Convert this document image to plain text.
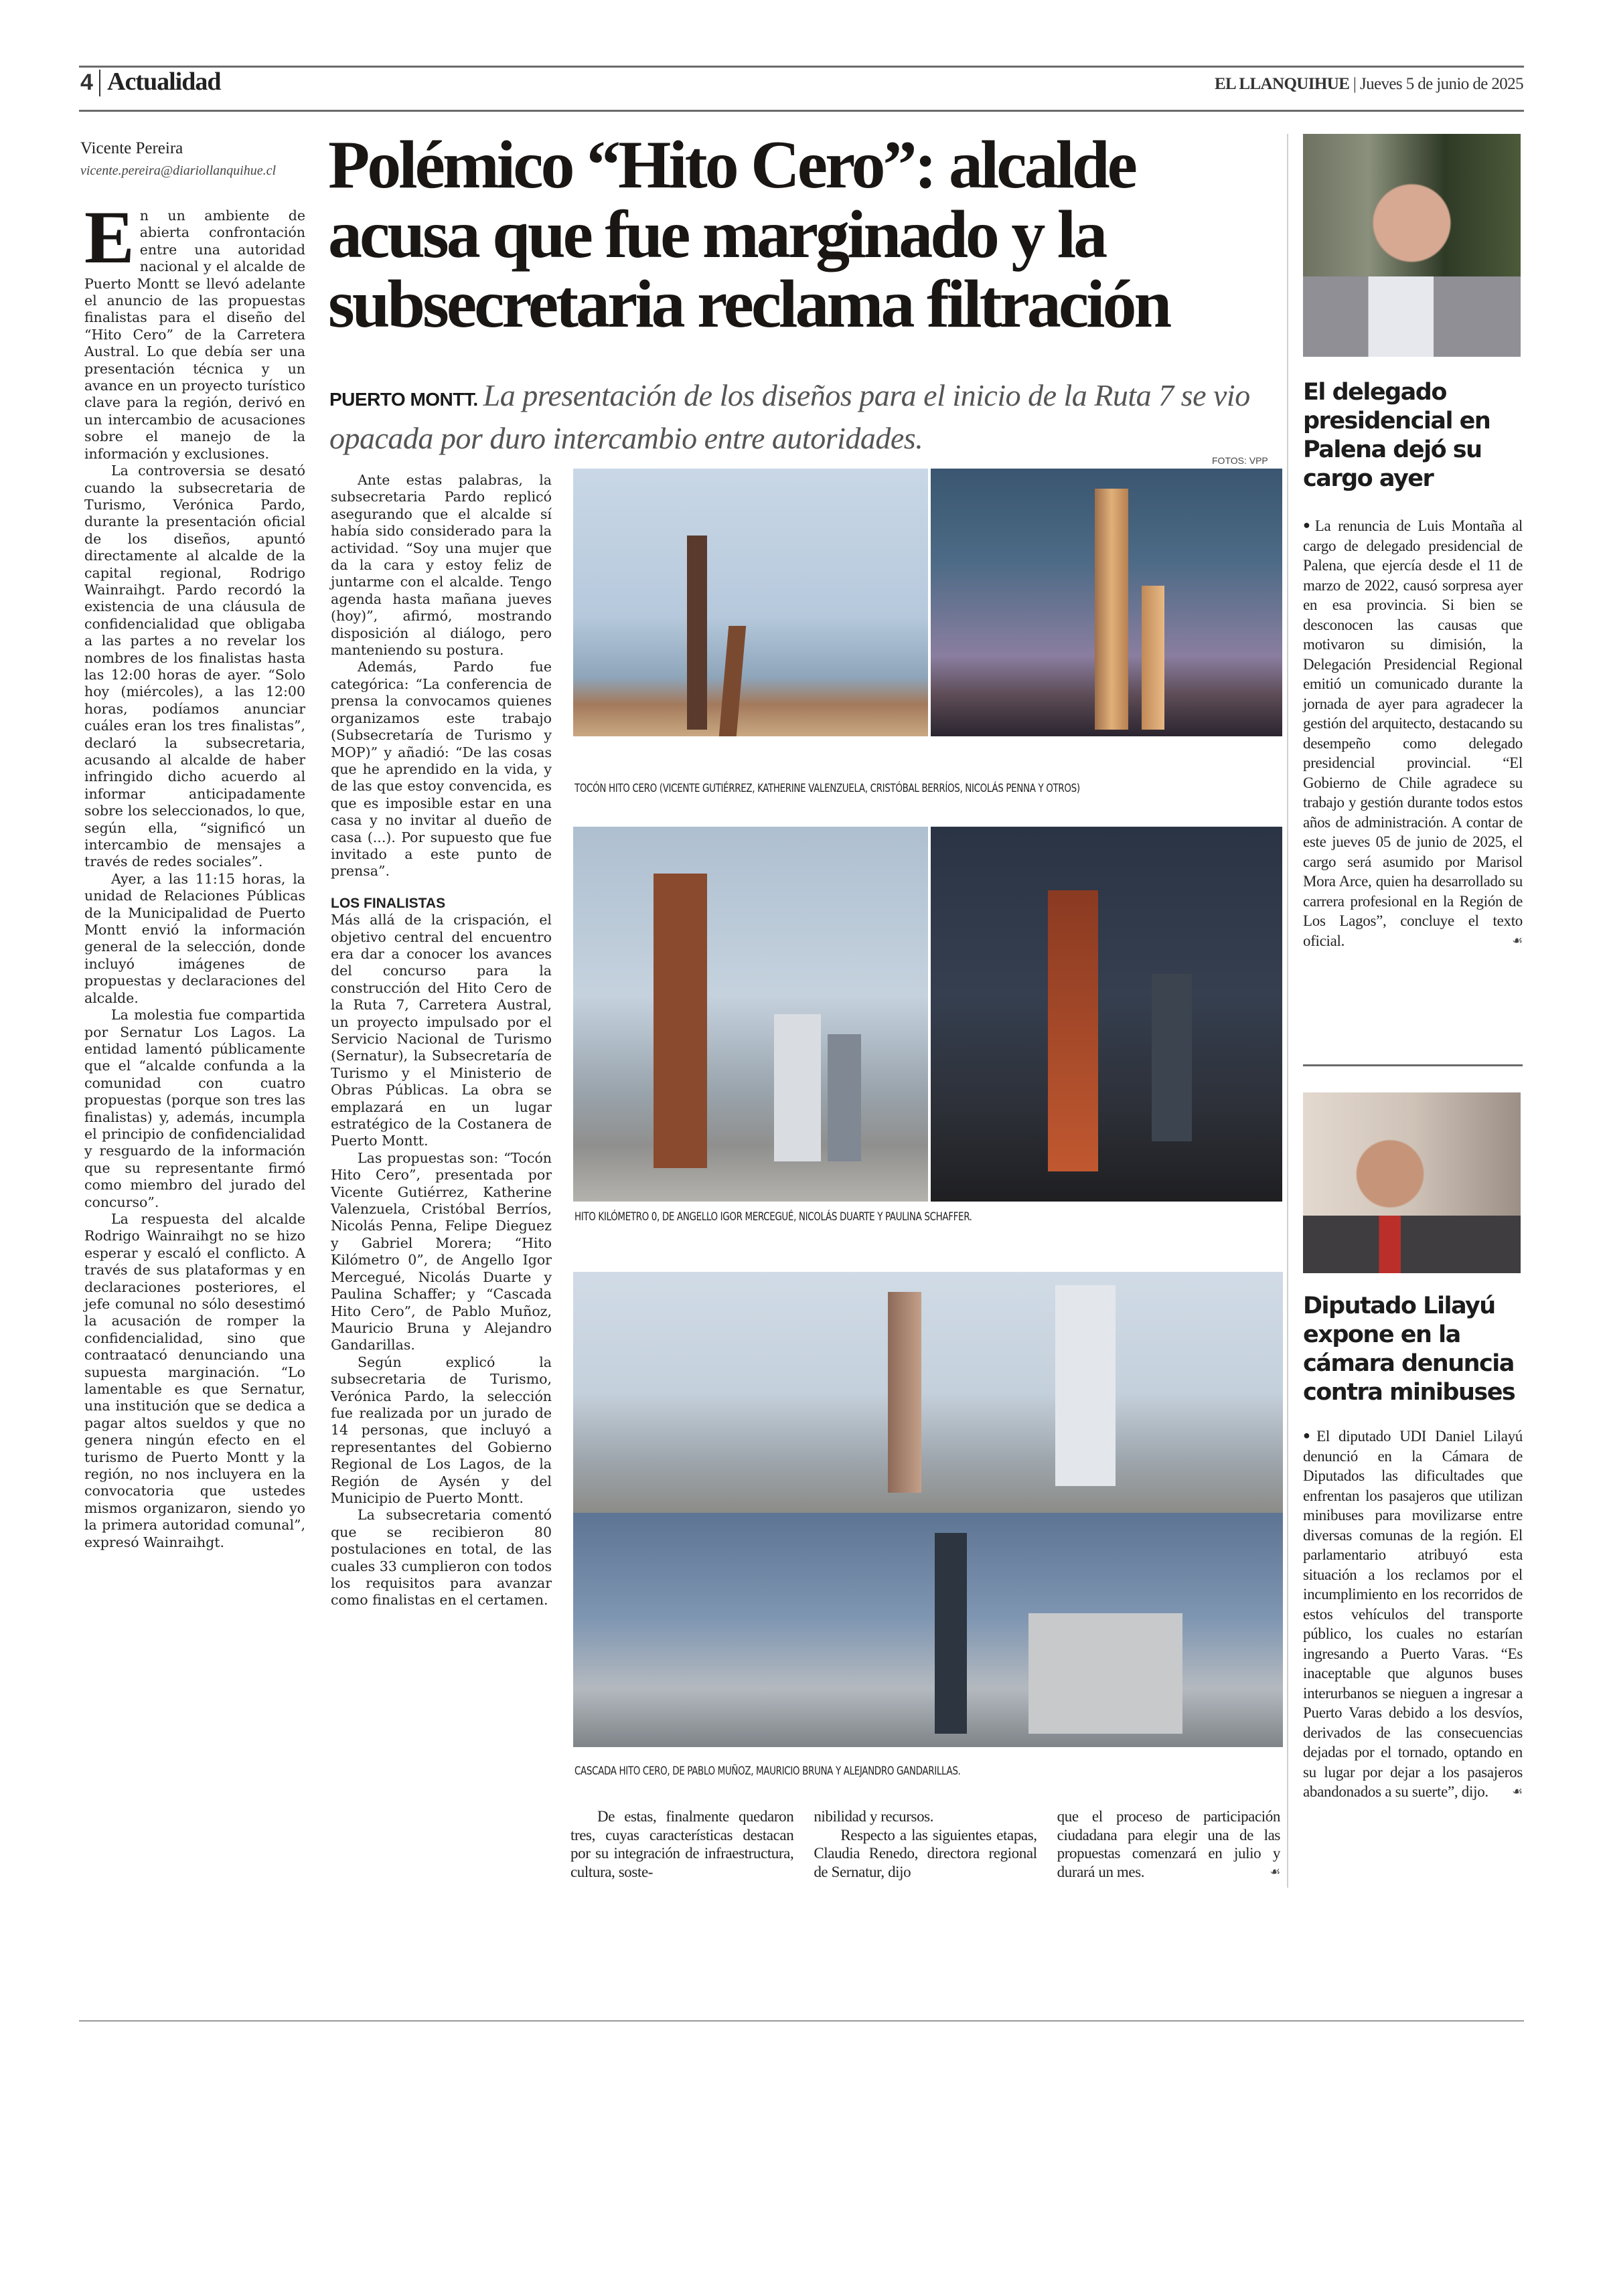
4 Actualidad	EL LLANQUIHUE | Jueves 5 de junio de 2025
Vicente Pereira
vicente.pereira@diariollanquihue.cl Polémico “Hito Cero”: alcalde acusa que fue marginado y la subsecretaria reclama filtración
PUERTO MONTT. La presentación de los diseños para el inicio de la Ruta 7 se vio opacada por duro intercambio entre autoridades.
FOTOS: VPP

En un ambiente de abierta confrontación entre una autoridad nacional y el alcalde de Puerto Montt se llevó adelante el anuncio de las propuestas finalistas para el diseño del “Hito Cero” de la Carretera Austral. Lo que debía ser una presentación técnica y un avance en un proyecto turístico clave para la región, derivó en un intercambio de acusaciones sobre el manejo de la información y exclusiones.

La controversia se desató cuando la subsecretaria de Turismo, Verónica Pardo, durante la presentación oficial de los diseños, apuntó directamente al alcalde de la capital regional, Rodrigo Wainraihgt. Pardo recordó la existencia de una cláusula de confidencialidad que obligaba a las partes a no revelar los nombres de los finalistas hasta las 12:00 horas de ayer. “Solo hoy (miércoles), a las 12:00 horas, podíamos anunciar cuáles eran los tres finalistas”, declaró la subsecretaria, acusando al alcalde de haber infringido dicho acuerdo al informar anticipadamente sobre los seleccionados, lo que, según ella, “significó un intercambio de mensajes a través de redes sociales”.

Ayer, a las 11:15 horas, la unidad de Relaciones Públicas de la Municipalidad de Puerto Montt envió la información general de la selección, donde incluyó imágenes de propuestas y declaraciones del alcalde.

La molestia fue compartida por Sernatur Los Lagos. La entidad lamentó públicamente que el “alcalde confunda a la comunidad con cuatro propuestas (porque son tres las finalistas) y, además, incumpla el principio de confidencialidad y resguardo de la información que su representante firmó como miembro del jurado del concurso”.

La respuesta del alcalde Rodrigo Wainraihgt no se hizo esperar y escaló el conflicto. A través de sus plataformas y en declaraciones posteriores, el jefe comunal no sólo desestimó la acusación de romper la confidencialidad, sino que contraatacó denunciando una supuesta marginación. “Lo lamentable es que Sernatur, una institución que se dedica a pagar altos sueldos y que no genera ningún efecto en el turismo de Puerto Montt y la región, no nos incluyera en la convocatoria que ustedes mismos organizaron, siendo yo la primera autoridad comunal”, expresó Wainraihgt.

Ante estas palabras, la subsecretaria Pardo replicó asegurando que el alcalde sí había sido considerado para la actividad. “Soy una mujer que da la cara y estoy feliz de juntarme con el alcalde. Tengo agenda hasta mañana jueves (hoy)”, afirmó, mostrando disposición al diálogo, pero manteniendo su postura.

Además, Pardo fue categórica: “La conferencia de prensa la convocamos quienes organizamos este trabajo (Subsecretaría de Turismo y MOP)” y añadió: “De las cosas que he aprendido en la vida, y de las que estoy convencida, es que es imposible estar en una casa y no invitar al dueño de casa (...). Por supuesto que fue invitado a este punto de prensa”.

LOS FINALISTAS

Más allá de la crispación, el objetivo central del encuentro era dar a conocer los avances del concurso para la construcción del Hito Cero de la Ruta 7, Carretera Austral, un proyecto impulsado por el Servicio Nacional de Turismo (Sernatur), la Subsecretaría de Turismo y el Ministerio de Obras Públicas. La obra se emplazará en un lugar estratégico de la Costanera de Puerto Montt.

Las propuestas son: “Tocón Hito Cero”, presentada por Vicente Gutiérrez, Katherine Valenzuela, Cristóbal Berríos, Nicolás Penna, Felipe Dieguez y Gabriel Morera; “Hito Kilómetro 0”, de Angello Igor Mercegué, Nicolás Duarte y Paulina Schaffer; y “Cascada Hito Cero”, de Pablo Muñoz, Mauricio Bruna y Alejandro Gandarillas.

Según explicó la subsecretaria de Turismo, Verónica Pardo, la selección fue realizada por un jurado de 14 personas, que incluyó a representantes del Gobierno Regional de Los Lagos, de la Región de Aysén y del Municipio de Puerto Montt.

La subsecretaria comentó que se recibieron 80 postulaciones en total, de las cuales 33 cumplieron con todos los requisitos para avanzar como finalistas en el certamen.

TOCÓN HITO CERO (VICENTE GUTIÉRREZ, KATHERINE VALENZUELA, CRISTÓBAL BERRÍOS, NICOLÁS PENNA Y OTROS)
HITO KILÓMETRO 0, DE ANGELLO IGOR MERCEGUÉ, NICOLÁS DUARTE Y PAULINA SCHAFFER.
CASCADA HITO CERO, DE PABLO MUÑOZ, MAURICIO BRUNA Y ALEJANDRO GANDARILLAS.

De estas, finalmente quedaron tres, cuyas características destacan por su integración de infraestructura, cultura, soste-

nibilidad y recursos.

Respecto a las siguientes etapas, Claudia Renedo, directora regional de Sernatur, dijo

que el proceso de participación ciudadana para elegir una de las propuestas comenzará en julio y durará un mes.	☙

El delegado presidencial en Palena dejó su cargo ayer
●La renuncia de Luis Montaña al cargo de delegado presidencial de Palena, que ejercía desde el 11 de marzo de 2022, causó sorpresa ayer en esa provincia. Si bien se desconocen las causas que motivaron su dimisión, la Delegación Presidencial Regional emitió un comunicado durante la jornada de ayer para agradecer la gestión del arquitecto, destacando su desempeño como delegado presidencial provincial. “El Gobierno de Chile agradece su trabajo y gestión durante todos estos años de administración. A contar de este jueves 05 de junio de 2025, el cargo será asumido por Marisol Mora Arce, quien ha desarrollado su carrera profesional en la Región de Los Lagos”, concluye el texto oficial.	☙
Diputado Lilayú expone en la cámara denuncia contra minibuses
●El diputado UDI Daniel Lilayú denunció en la Cámara de Diputados las dificultades que enfrentan los pasajeros que utilizan minibuses para movilizarse entre diversas comunas de la región. El parlamentario atribuyó esta situación a los reclamos por el incumplimiento en los recorridos de estos vehículos del transporte público, los cuales no estarían ingresando a Puerto Varas. “Es inaceptable que algunos buses interurbanos se nieguen a ingresar a Puerto Varas debido a los desvíos, derivados de las consecuencias dejadas por el tornado, optando en su lugar por dejar a los pasajeros abandonados a su suerte”, dijo. ☙
